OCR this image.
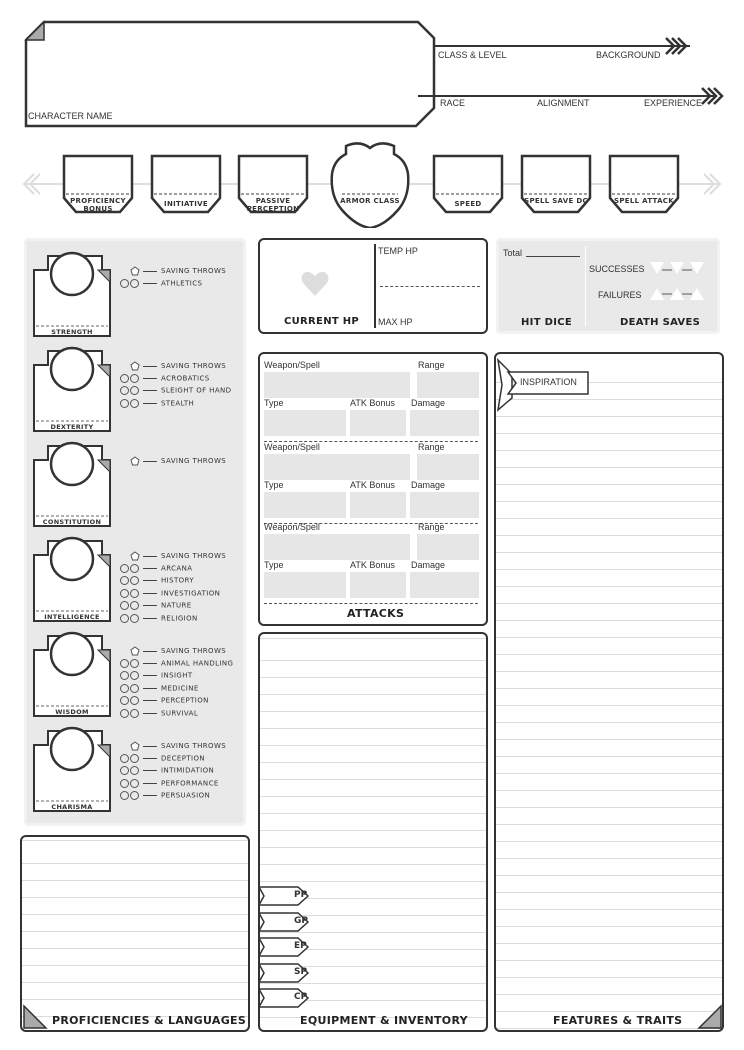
CHARACTER NAME
CLASS & LEVEL	BACKGROUND
RACE	ALIGNMENT	EXPERIENCE
PROFICIENCY BONUS
INITIATIVE	PASSIVE PERCEPTION
ARMOR CLASS	SPEED	SPELL SAVE DC	SPELL ATTACK
STRENGTH
SAVING THROWS
ATHLETICS
DEXTERITY
SAVING THROWS
ACROBATICS
SLEIGHT OF HAND
STEALTH
CONSTITUTION
SAVING THROWS
INTELLIGENCE
SAVING THROWS
ARCANA
HISTORY
INVESTIGATION
NATURE
RELIGION
WISDOM
SAVING THROWS
ANIMAL HANDLING
INSIGHT
MEDICINE
PERCEPTION
SURVIVAL
CHARISMA
SAVING THROWS
DECEPTION
INTIMIDATION
PERFORMANCE
PERSUASION
TEMP HP
MAX HP
CURRENT HP
Total
HIT DICE
SUCCESSES
FAILURES
DEATH SAVES
Weapon/Spell	Range
Type	ATK Bonus Damage
Weapon/Spell	Range
Type	ATK Bonus Damage
Weapon/Spell	Range
Type	ATK Bonus Damage
ATTACKS
INSPIRATION
FEATURES & TRAITS
PP
GP
EP
SP
CP
EQUIPMENT & INVENTORY
PROFICIENCIES & LANGUAGES
